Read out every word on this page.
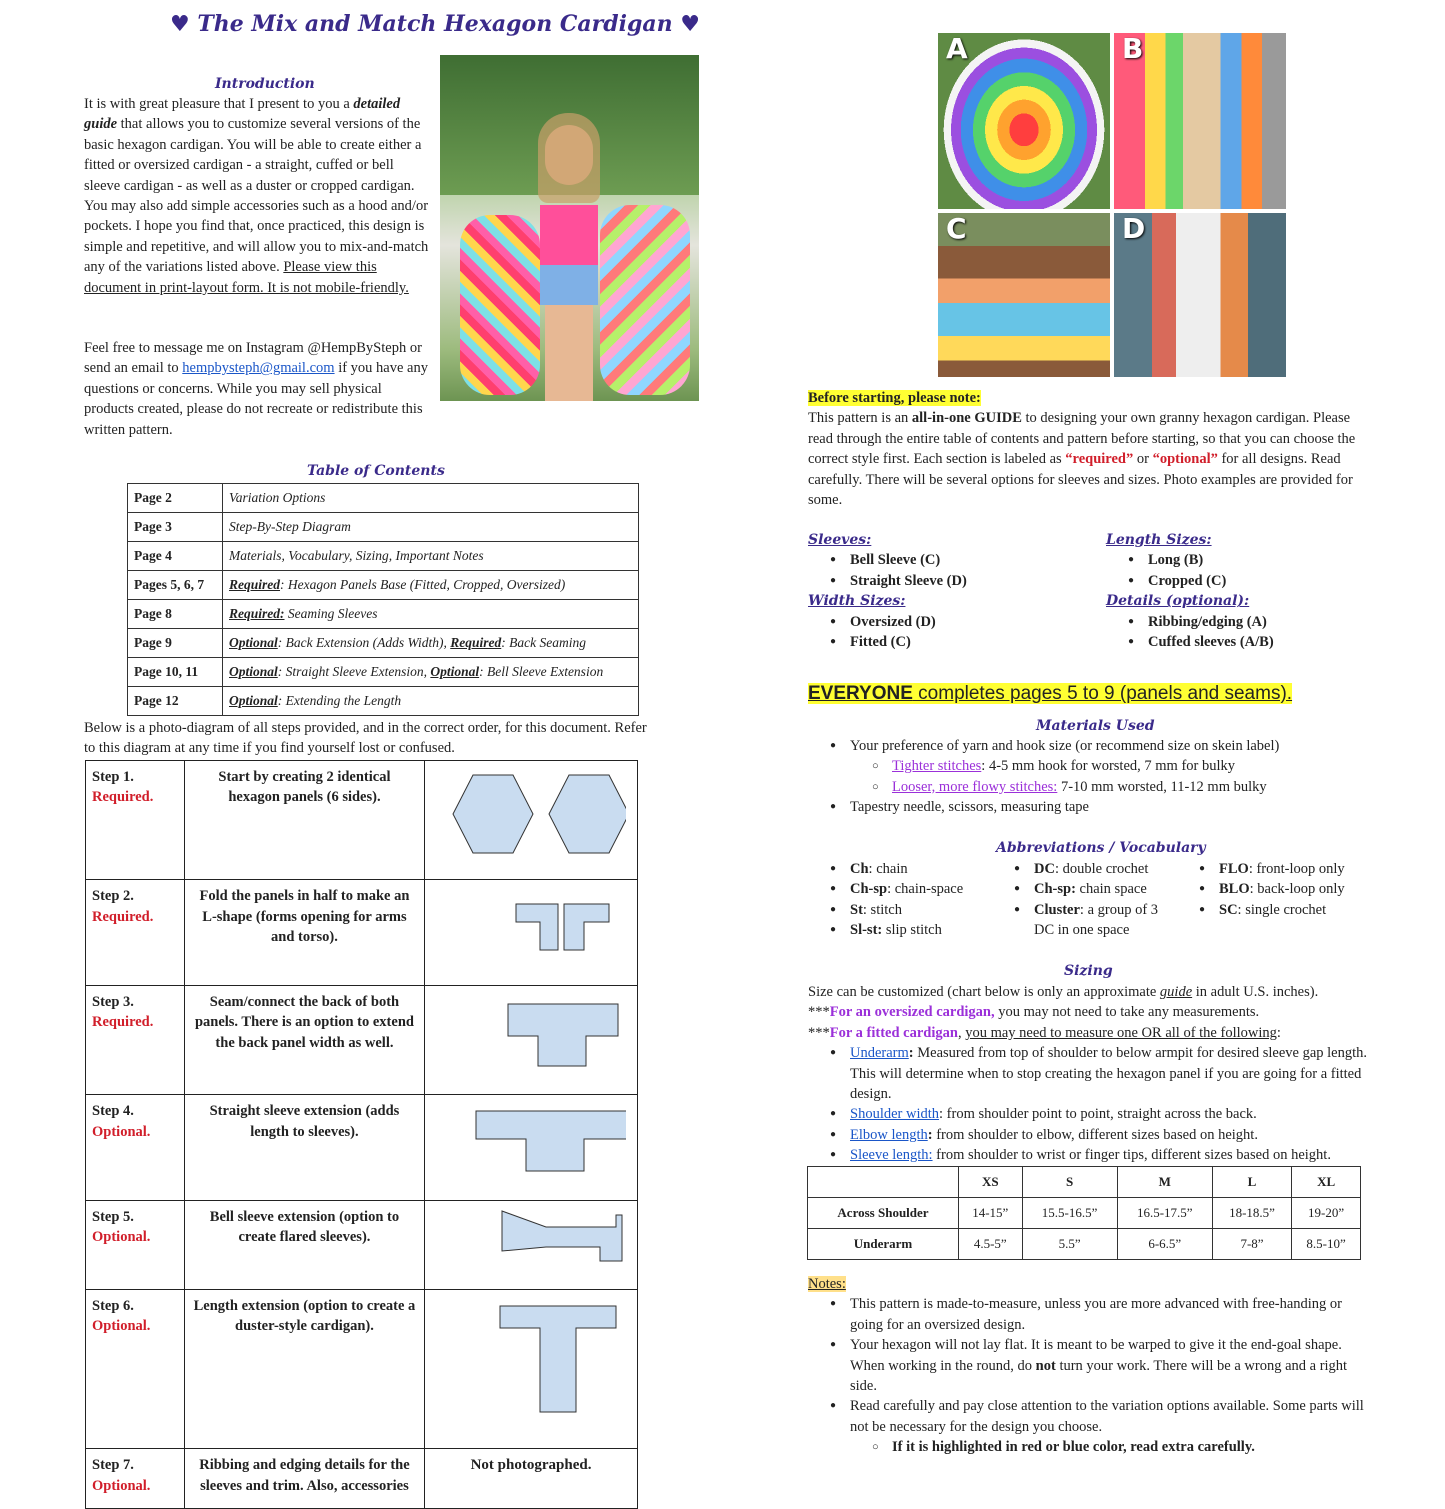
♥ The Mix and Match Hexagon Cardigan ♥
Introduction
It is with great pleasure that I present to you a detailed guide that allows you to customize several versions of the basic hexagon cardigan. You will be able to create either a fitted or oversized cardigan - a straight, cuffed or bell sleeve cardigan - as well as a duster or cropped cardigan. You may also add simple accessories such as a hood and/or pockets. I hope you find that, once practiced, this design is simple and repetitive, and will allow you to mix-and-match any of the variations listed above. Please view this document in print-layout form. It is not mobile-friendly.
Feel free to message me on Instagram @HempBySteph or send an email to hempbysteph@gmail.com if you have any questions or concerns. While you may sell physical products created, please do not recreate or redistribute this written pattern.
Table of Contents
Page 2	Variation Options
Page 3	Step-By-Step Diagram
Page 4	Materials, Vocabulary, Sizing, Important Notes
Pages 5, 6, 7	Required: Hexagon Panels Base (Fitted, Cropped, Oversized)
Page 8	Required: Seaming Sleeves
Page 9	Optional: Back Extension (Adds Width), Required: Back Seaming
Page 10, 11	Optional: Straight Sleeve Extension, Optional: Bell Sleeve Extension
Page 12	Optional: Extending the Length
Below is a photo-diagram of all steps provided, and in the correct order, for this document. Refer to this diagram at any time if you find yourself lost or confused.
Step 1.
Required.	Start by creating 2 identical hexagon panels (6 sides).	

Step 2.
Required.	Fold the panels in half to make an L-shape (forms opening for arms and torso).	

Step 3.
Required.	Seam/connect the back of both panels. There is an option to extend the back panel width as well.	

Step 4.
Optional.	Straight sleeve extension (adds length to sleeves).	

Step 5.
Optional.	Bell sleeve extension (option to create flared sleeves).	

Step 6.
Optional.	Length extension (option to create a duster-style cardigan).	

Step 7.
Optional.	Ribbing and edging details for the sleeves and trim. Also, accessories	Not photographed.
A	B
C	D
Before starting, please note:
This pattern is an all-in-one GUIDE to designing your own granny hexagon cardigan. Please read through the entire table of contents and pattern before starting, so that you can choose the correct style first. Each section is labeled as “required” or “optional” for all designs. Read carefully. There will be several options for sleeves and sizes. Photo examples are provided for some.
Sleeves:
● Bell Sleeve (C)
● Straight Sleeve (D)
Width Sizes:
● Oversized (D)
● Fitted (C)
Length Sizes:
● Long (B)
● Cropped (C)
Details (optional):
● Ribbing/edging (A)
● Cuffed sleeves (A/B)
EVERYONE completes pages 5 to 9 (panels and seams).
Materials Used
● Your preference of yarn and hook size (or recommend size on skein label)
○ Tighter stitches: 4-5 mm hook for worsted, 7 mm for bulky
○ Looser, more flowy stitches: 7-10 mm worsted, 11-12 mm bulky
● Tapestry needle, scissors, measuring tape
Abbreviations / Vocabulary
● Ch: chain
● Ch-sp: chain-space
● St: stitch
● Sl-st: slip stitch
● DC: double crochet
● Ch-sp: chain space
● Cluster: a group of 3 DC in one space
● FLO: front-loop only
● BLO: back-loop only
● SC: single crochet
Sizing
Size can be customized (chart below is only an approximate guide in adult U.S. inches).
***For an oversized cardigan, you may not need to take any measurements.
***For a fitted cardigan, you may need to measure one OR all of the following:
● Underarm: Measured from top of shoulder to below armpit for desired sleeve gap length. This will determine when to stop creating the hexagon panel if you are going for a fitted design.
● Shoulder width: from shoulder point to point, straight across the back.
● Elbow length: from shoulder to elbow, different sizes based on height.
● Sleeve length: from shoulder to wrist or finger tips, different sizes based on height.
	XS	S	M	L	XL
Across Shoulder	14-15”	15.5-16.5”	16.5-17.5”	18-18.5”	19-20”
Underarm	4.5-5”	5.5”	6-6.5”	7-8”	8.5-10”
Notes:
● This pattern is made-to-measure, unless you are more advanced with free-handing or going for an oversized design.
● Your hexagon will not lay flat. It is meant to be warped to give it the end-goal shape. When working in the round, do not turn your work. There will be a wrong and a right side.
● Read carefully and pay close attention to the variation options available. Some parts will not be necessary for the design you choose.
○ If it is highlighted in red or blue color, read extra carefully.
